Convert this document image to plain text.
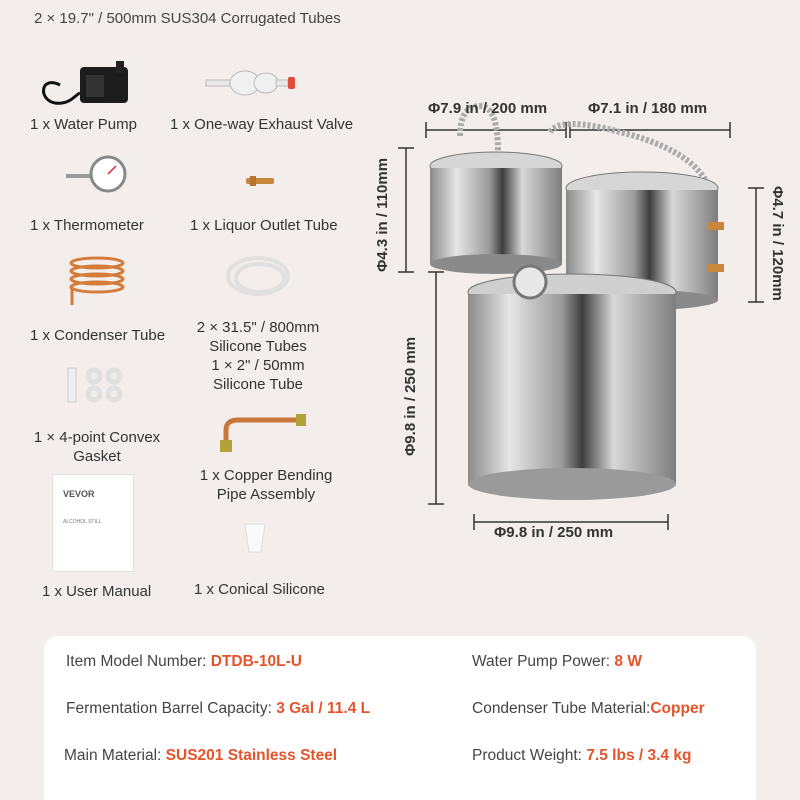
2 × 19.7" / 500mm SUS304 Corrugated Tubes
1 x Water Pump 1 x One-way Exhaust Valve
1 x Thermometer	1 x Liquor Outlet Tube
1 x Condenser Tube	2 × 31.5" / 800mm
Silicone Tubes
1 × 2" / 50mm
Silicone Tube
1 × 4-point Convex
Gasket
1 x Copper Bending
Pipe Assembly
VEVOR
ALCOHOL STILL
1 x User Manual	1 x Conical Silicone
Φ7.9 in / 200 mm	Φ7.1 in / 180 mm
Φ4.3 in / 110mm	Φ4.7 in / 120mm
Φ9.8 in / 250 mm
Φ9.8 in / 250 mm
Item Model Number: DTDB-10L-U	Water Pump Power: 8 W
Fermentation Barrel Capacity: 3 Gal / 11.4 L	Condenser Tube Material:Copper
Main Material: SUS201 Stainless Steel	Product Weight: 7.5 lbs / 3.4 kg
